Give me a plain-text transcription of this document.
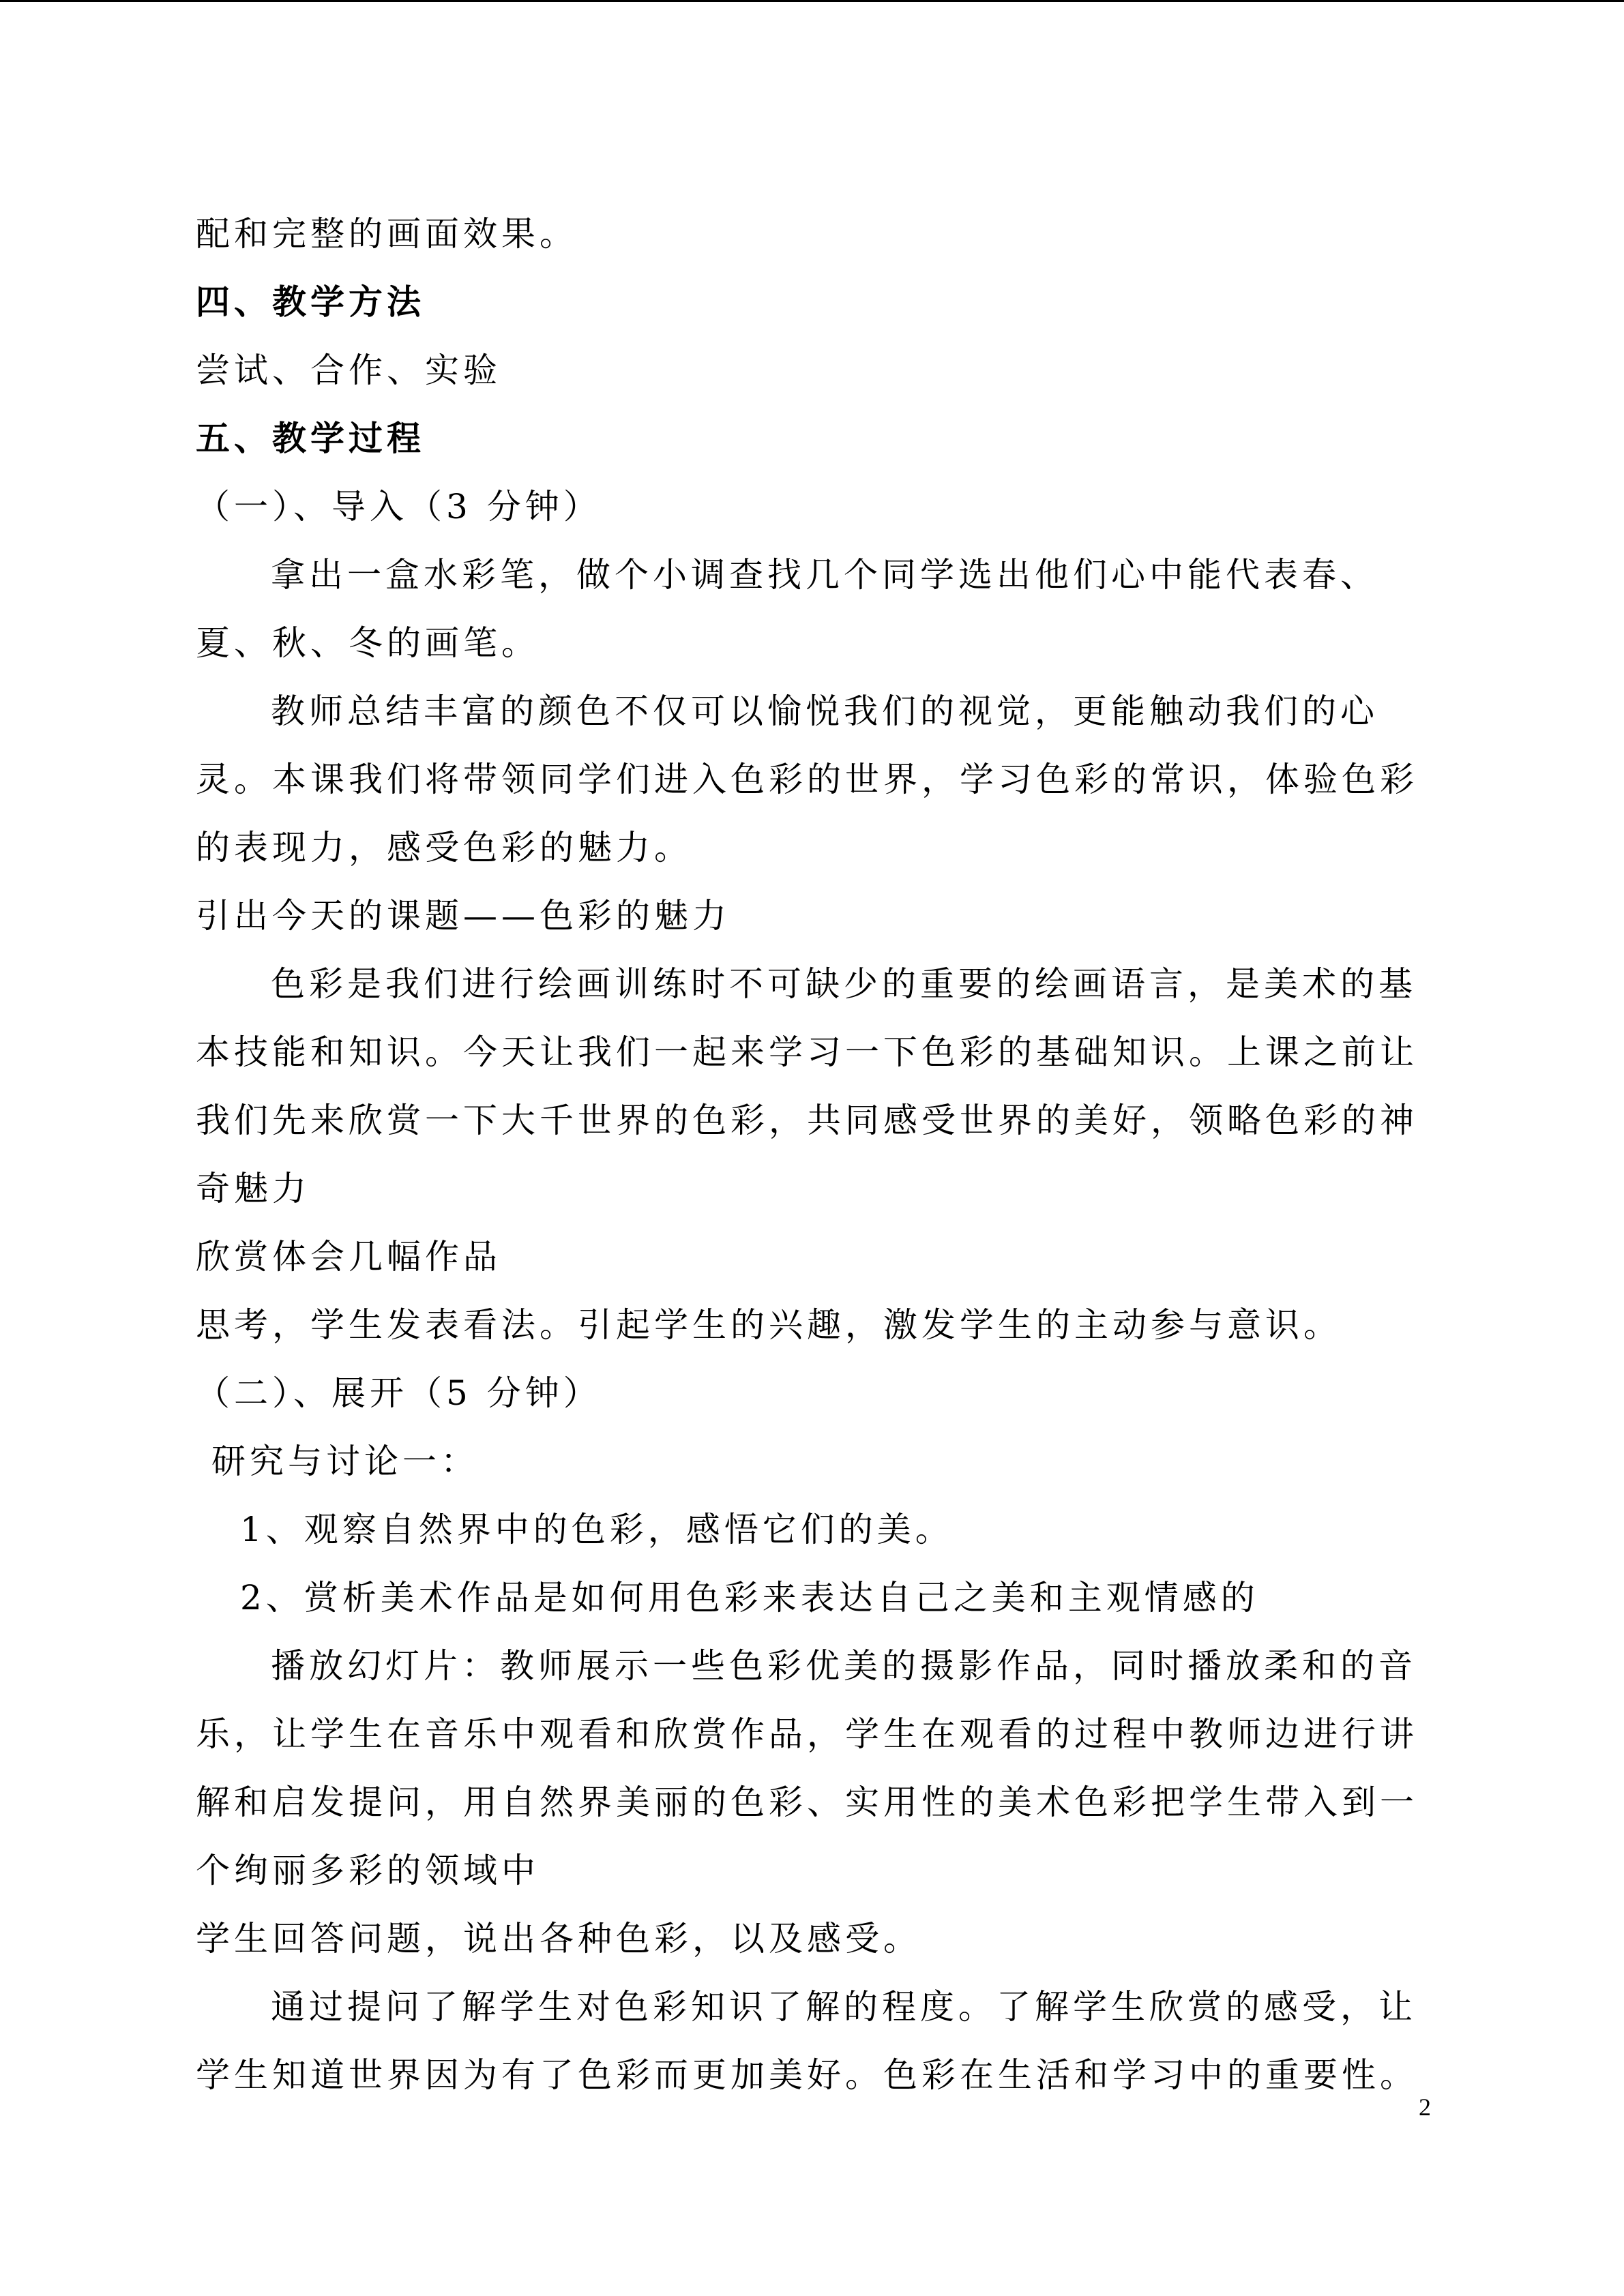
配和完整的画面效果。
四、教学方法
尝试、合作、实验
五、教学过程
（一）、导入（3 分钟）
拿出一盒水彩笔，做个小调查找几个同学选出他们心中能代表春、
夏、秋、冬的画笔。
教师总结丰富的颜色不仅可以愉悦我们的视觉，更能触动我们的心
灵。本课我们将带领同学们进入色彩的世界，学习色彩的常识，体验色彩
的表现力，感受色彩的魅力。
引出今天的课题——色彩的魅力
色彩是我们进行绘画训练时不可缺少的重要的绘画语言，是美术的基
本技能和知识。今天让我们一起来学习一下色彩的基础知识。上课之前让
我们先来欣赏一下大千世界的色彩，共同感受世界的美好，领略色彩的神
奇魅力
欣赏体会几幅作品
思考，学生发表看法。引起学生的兴趣，激发学生的主动参与意识。
（二）、展开（5 分钟）
研究与讨论一：
1、观察自然界中的色彩，感悟它们的美。
2、赏析美术作品是如何用色彩来表达自己之美和主观情感的
播放幻灯片：教师展示一些色彩优美的摄影作品，同时播放柔和的音
乐，让学生在音乐中观看和欣赏作品，学生在观看的过程中教师边进行讲
解和启发提问，用自然界美丽的色彩、实用性的美术色彩把学生带入到一
个绚丽多彩的领域中
学生回答问题，说出各种色彩，以及感受。
通过提问了解学生对色彩知识了解的程度。了解学生欣赏的感受，让
学生知道世界因为有了色彩而更加美好。色彩在生活和学习中的重要性。
2
